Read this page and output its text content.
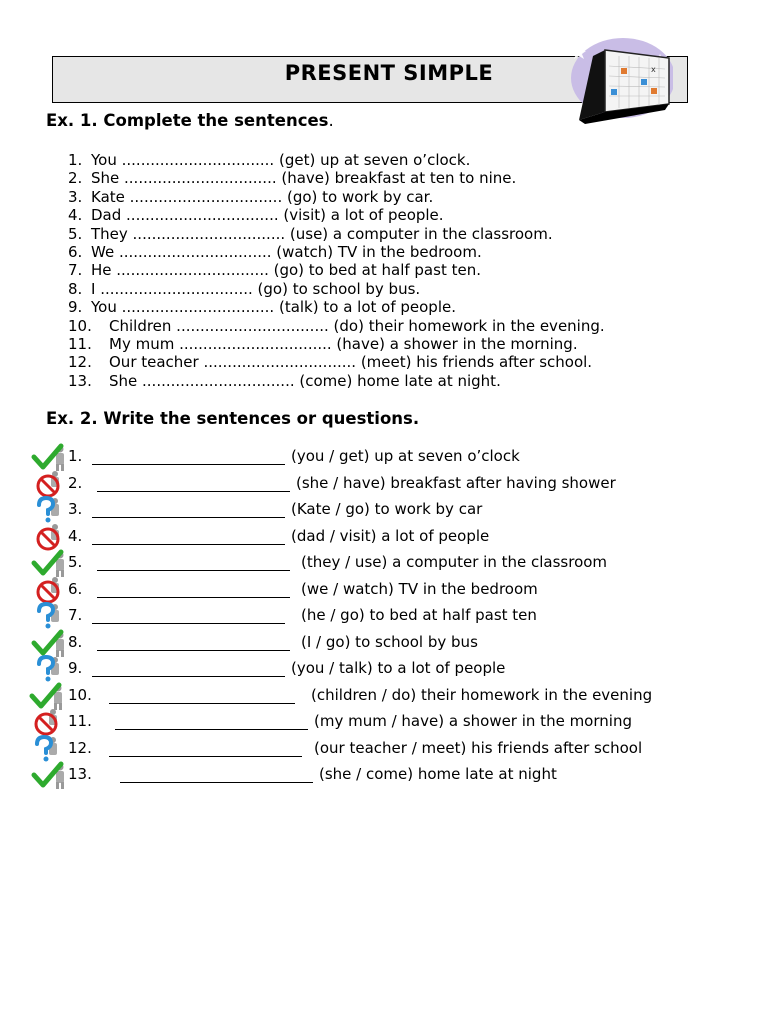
PRESENT SIMPLE	x
Ex. 1. Complete the sentences.
1. You ................................ (get) up at seven o’clock.
2. She ................................ (have) breakfast at ten to nine.
3. Kate ................................ (go) to work by car.
4. Dad ................................ (visit) a lot of people.
5. They ................................ (use) a computer in the classroom.
6. We ................................ (watch) TV in the bedroom.
7. He ................................ (go) to bed at half past ten.
8. I ................................ (go) to school by bus.
9. You ................................ (talk) to a lot of people.
10. Children ................................ (do) their homework in the evening.
11. My mum ................................ (have) a shower in the morning.
12. Our teacher ................................ (meet) his friends after school.
13. She ................................ (come) home late at night.
Ex. 2. Write the sentences or questions.
1.	(you / get) up at seven o’clock
2.	(she / have) breakfast after having shower
3.	(Kate / go) to work by car
4.	(dad / visit) a lot of people
5.	(they / use) a computer in the classroom
6.	(we / watch) TV in the bedroom
7.	(he / go) to bed at half past ten
8.	(I / go) to school by bus
9.	(you / talk) to a lot of people
10.	(children / do) their homework in the evening
11.	(my mum / have) a shower in the morning
12.	(our teacher / meet) his friends after school
13.	(she / come) home late at night
